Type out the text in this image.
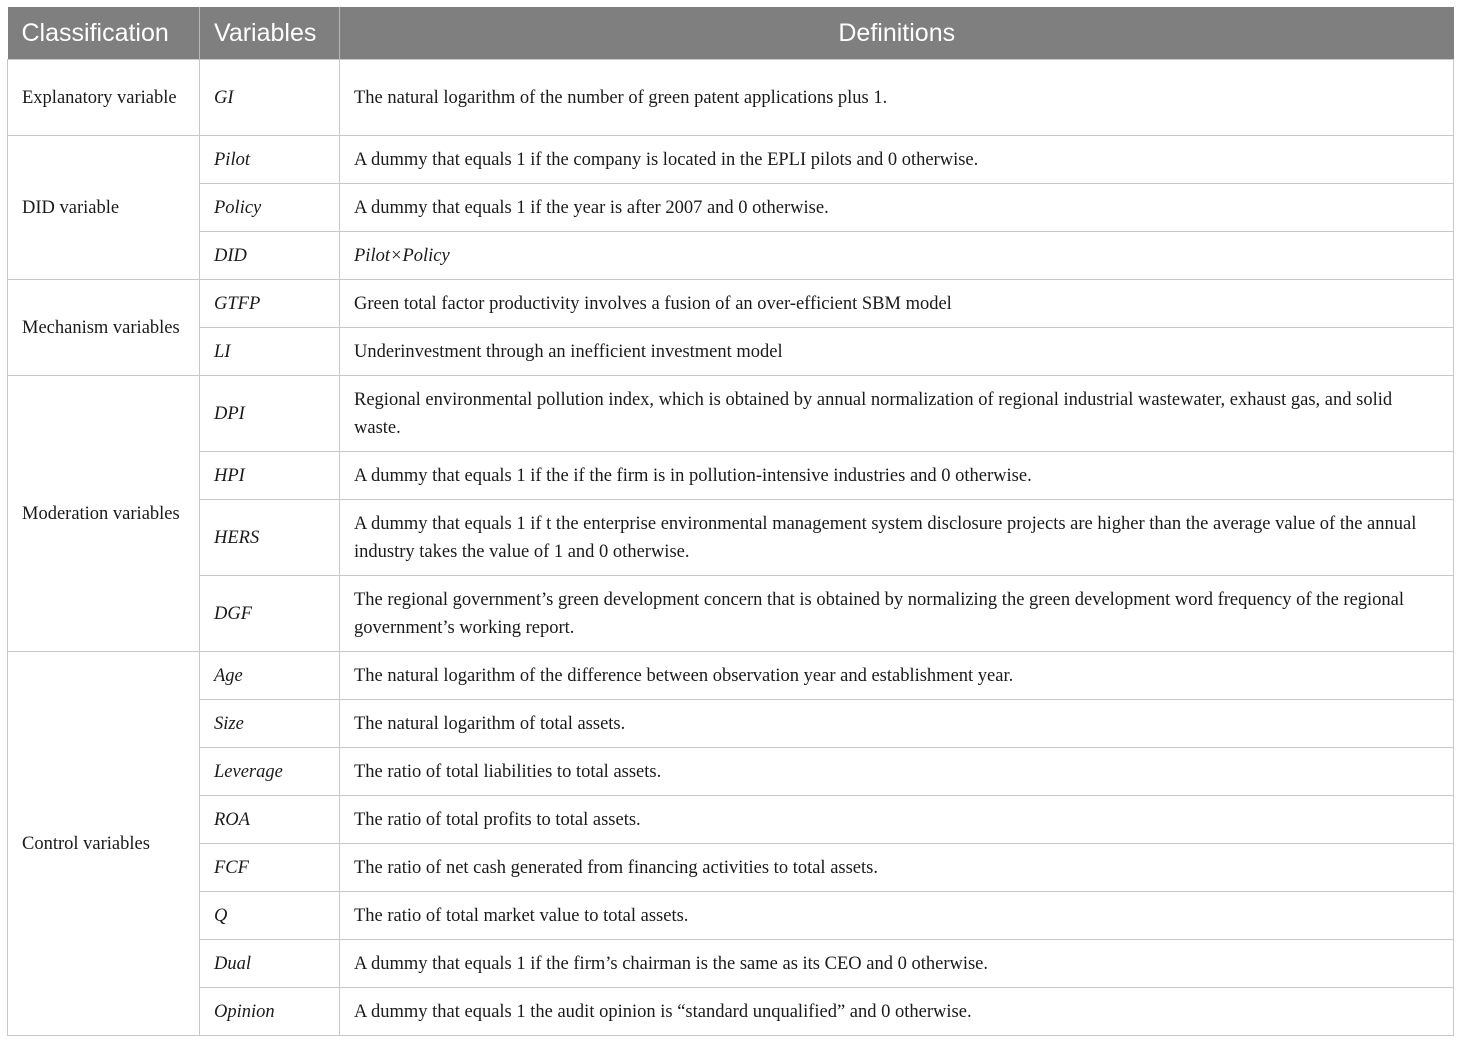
Classification	Variables	Definitions
Explanatory variable	GI	The natural logarithm of the number of green patent applications plus 1.
DID variable	Pilot	A dummy that equals 1 if the company is located in the EPLI pilots and 0 otherwise.
	Policy	A dummy that equals 1 if the year is after 2007 and 0 otherwise.
	DID	Pilot×Policy
Mechanism variables	GTFP	Green total factor productivity involves a fusion of an over-efficient SBM model
	LI	Underinvestment through an inefficient investment model
Moderation variables	DPI	Regional environmental pollution index, which is obtained by annual normalization of regional industrial wastewater, exhaust gas, and solid waste.
	HPI	A dummy that equals 1 if the if the firm is in pollution-intensive industries and 0 otherwise.
	HERS	A dummy that equals 1 if t the enterprise environmental management system disclosure projects are higher than the average value of the annual industry takes the value of 1 and 0 otherwise.
	DGF	The regional government’s green development concern that is obtained by normalizing the green development word frequency of the regional government’s working report.
Control variables	Age	The natural logarithm of the difference between observation year and establishment year.
	Size	The natural logarithm of total assets.
	Leverage	The ratio of total liabilities to total assets.
	ROA	The ratio of total profits to total assets.
	FCF	The ratio of net cash generated from financing activities to total assets.
	Q	The ratio of total market value to total assets.
	Dual	A dummy that equals 1 if the firm’s chairman is the same as its CEO and 0 otherwise.
	Opinion	A dummy that equals 1 the audit opinion is “standard unqualified” and 0 otherwise.
